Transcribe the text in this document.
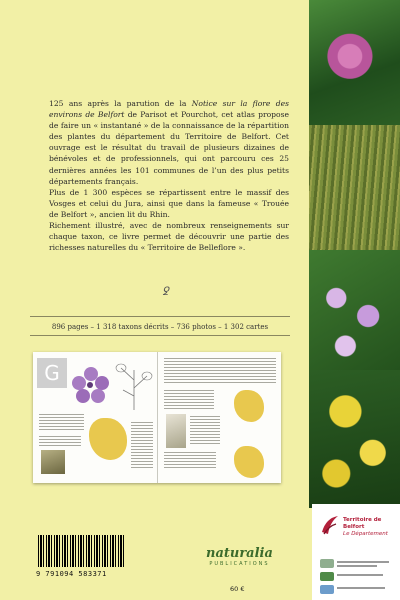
125 ans après la parution de la Notice sur la flore des environs de Belfort de Parisot et Pourchot, cet atlas propose de faire un « instantané » de la connaissance de la répartition des plantes du département du Territoire de Belfort. Cet ouvrage est le résultat du travail de plusieurs dizaines de bénévoles et de professionnels, qui ont parcouru ces 25 dernières années les 101 communes de l’un des plus petits départements français.

Plus de 1 300 espèces se répartissent entre le massif des Vosges et celui du Jura, ainsi que dans la fameuse « Trouée de Belfort », ancien lit du Rhin.

Richement illustré, avec de nombreux renseignements sur chaque taxon, ce livre permet de découvrir une partie des richesses naturelles du « Territoire de Belleflore ».

ꝿ
896 pages – 1 318 taxons décrits – 736 photos – 1 302 cartes
G
9 791094 583371
naturalia
PUBLICATIONS
60 €
Territoire de Belfort
Le Département
